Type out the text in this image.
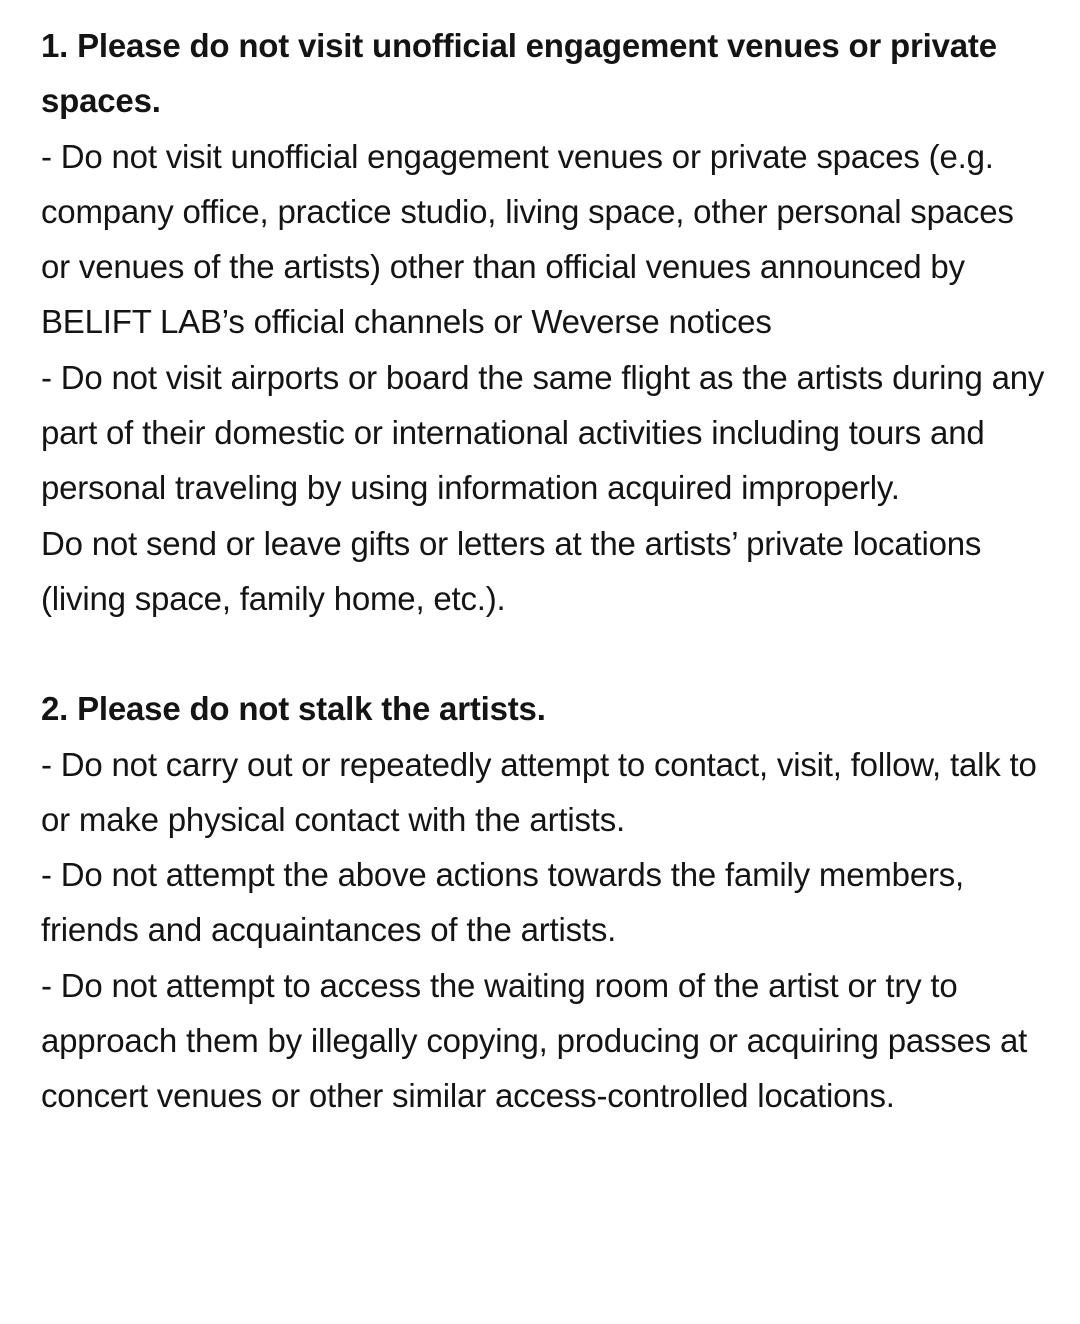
1. Please do not visit unofficial engagement venues or private spaces.

- Do not visit unofficial engagement venues or private spaces (e.g. company office, practice studio, living space, other personal spaces or venues of the artists) other than official venues announced by BELIFT LAB’s official channels or Weverse notices

- Do not visit airports or board the same flight as the artists during any part of their domestic or international activities including tours and personal traveling by using information acquired improperly.

Do not send or leave gifts or letters at the artists’ private locations (living space, family home, etc.).

2. Please do not stalk the artists.

- Do not carry out or repeatedly attempt to contact, visit, follow, talk to or make physical contact with the artists.

- Do not attempt the above actions towards the family members, friends and acquaintances of the artists.

- Do not attempt to access the waiting room of the artist or try to approach them by illegally copying, producing or acquiring passes at concert venues or other similar access-controlled locations.
